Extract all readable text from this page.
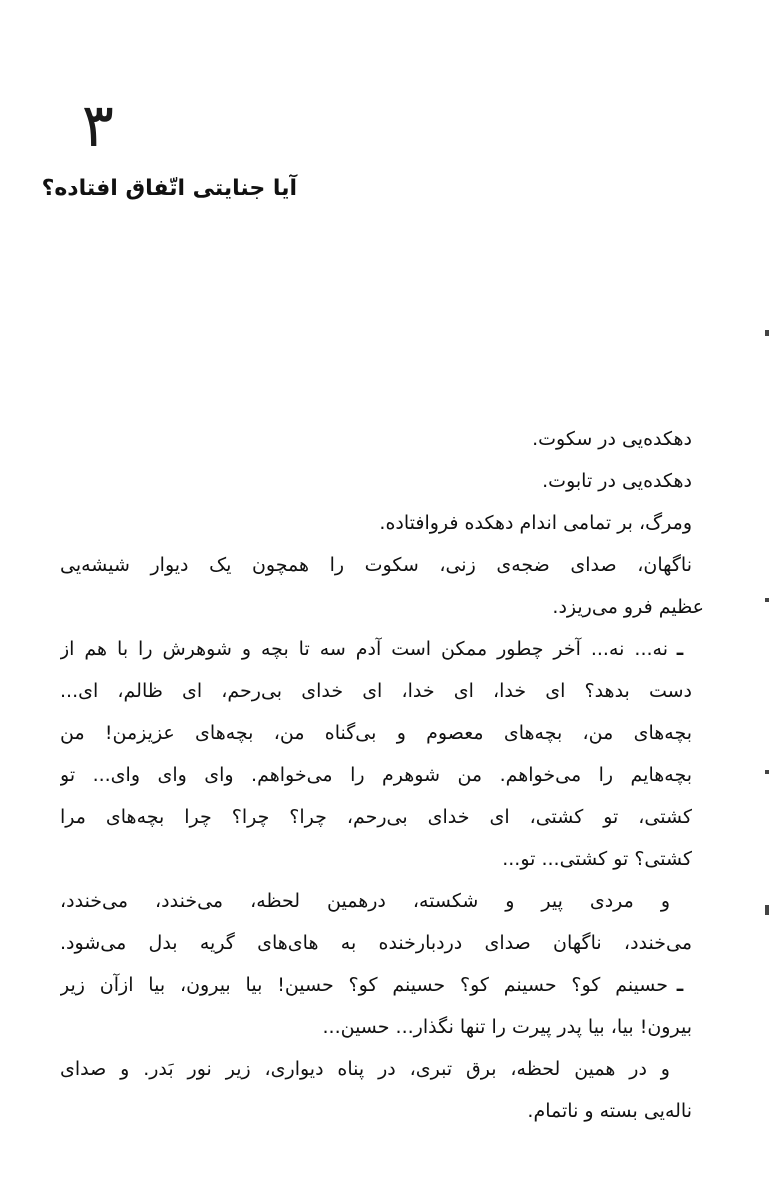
۳
آیا جنایتی اتّفاق افتاده؟
دهکده‌یی در سکوت.
دهکده‌یی در تابوت.
ومرگ، بر تمامی اندام دهکده فروافتاده.
ناگهان، صدای ضجه‌ی زنی، سکوت را همچون یک دیوار شیشه‌یی
عظیم فرو می‌ریزد.
ـ
نه... نه... آخر چطور ممکن است آدم سه تا بچه و شوهرش را با هم از
دست بدهد؟ ای خدا، ای خدا، ای خدای بی‌رحم، ای ظالم، ای...
بچه‌های من، بچه‌های معصوم و بی‌گناه من، بچه‌های عزیزمن! من
بچه‌هایم را می‌خواهم. من شوهرم را می‌خواهم. وای وای وای... تو
کشتی، تو کشتی، ای خدای بی‌رحم، چرا؟ چرا؟ چرا بچه‌های مرا
کشتی؟ تو کشتی... تو...
و مردی پیر و شکسته، درهمین لحظه، می‌خندد، می‌خندد،
می‌خندد، ناگهان صدای دردبارخنده به های‌های گریه بدل می‌شود.
ـ
حسینم کو؟ حسینم کو؟ حسینم کو؟ حسین! بیا بیرون، بیا ازآن زیر
بیرون! بیا، بیا پدر پیرت را تنها نگذار... حسین...
و در همین لحظه، برق تبری، در پناه دیواری، زیر نور بَدر. و صدای
ناله‌یی بسته و ناتمام.
